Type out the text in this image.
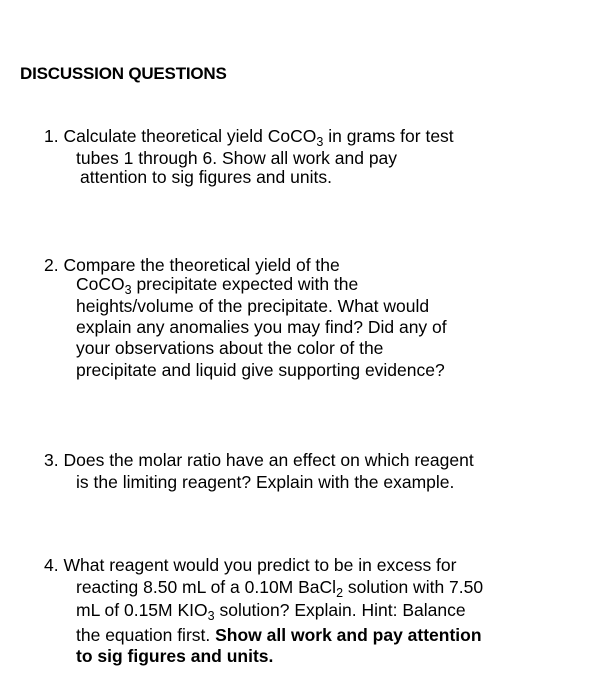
DISCUSSION QUESTIONS
1. Calculate theoretical yield CoCO$_3$ in grams for test
tubes 1 through 6. Show all work and pay
attention to sig figures and units.
2. Compare the theoretical yield of the
CoCO$_3$ precipitate expected with the
heights/volume of the precipitate. What would
explain any anomalies you may find? Did any of
your observations about the color of the
precipitate and liquid give supporting evidence?
3. Does the molar ratio have an effect on which reagent
is the limiting reagent? Explain with the example.
4. What reagent would you predict to be in excess for
reacting 8.50 mL of a 0.10M BaCl$_2$ solution with 7.50
mL of 0.15M $KIO_3$ solution? Explain. Hint: Balance
the equation first. Show all work and pay attention
to sig figures and units.
